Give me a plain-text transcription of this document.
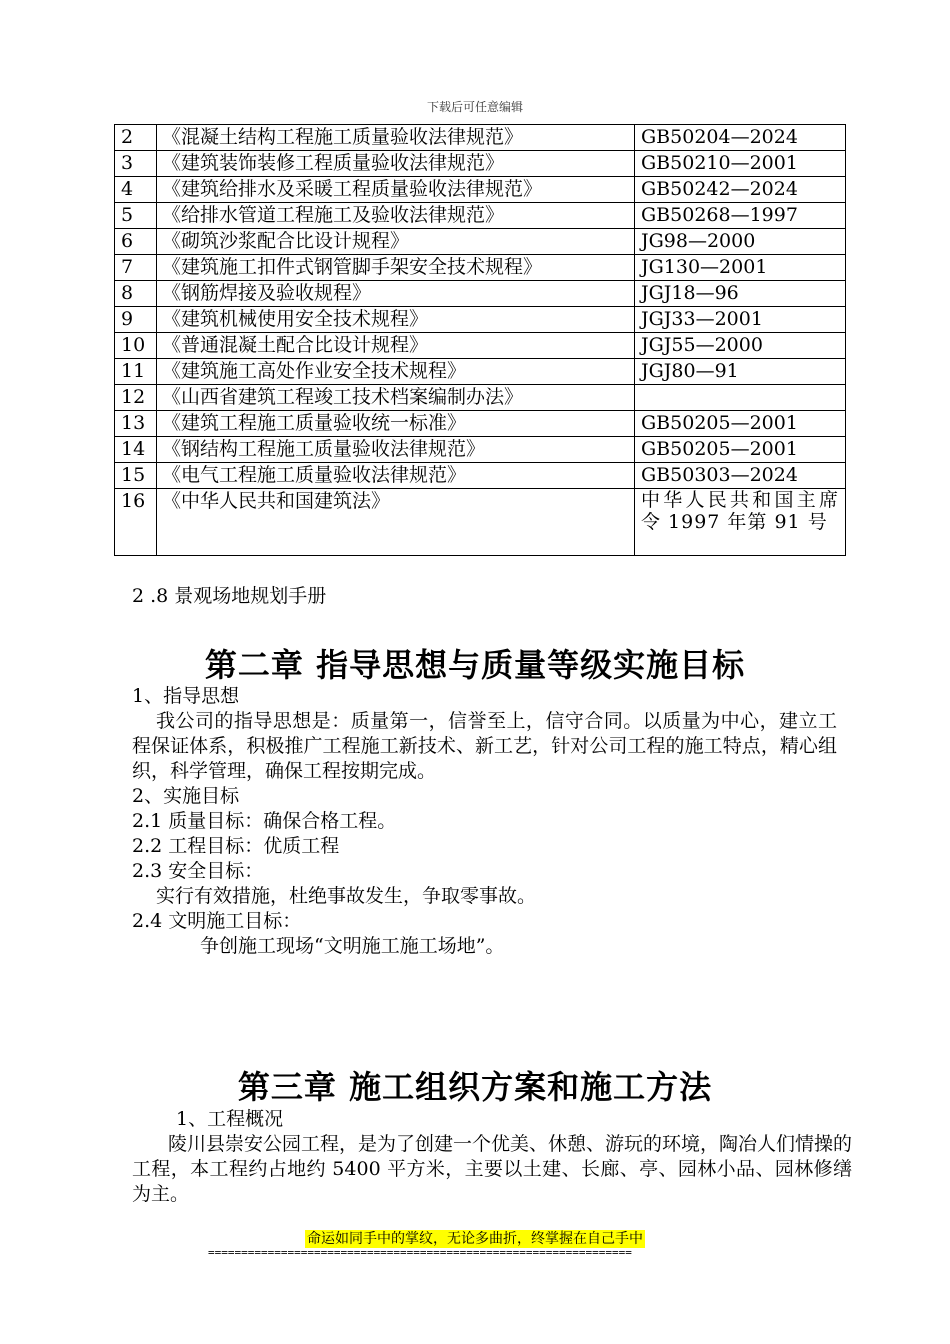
下载后可任意编辑
2	《混凝土结构工程施工质量验收法律规范》	GB50204—2024
3	《建筑装饰装修工程质量验收法律规范》	GB50210—2001
4	《建筑给排水及采暖工程质量验收法律规范》	GB50242—2024
5	《给排水管道工程施工及验收法律规范》	GB50268—1997
6	《砌筑沙浆配合比设计规程》	JG98—2000
7	《建筑施工扣件式钢管脚手架安全技术规程》	JG130—2001
8	《钢筋焊接及验收规程》	JGJ18—96
9	《建筑机械使用安全技术规程》	JGJ33—2001
10	《普通混凝土配合比设计规程》	JGJ55—2000
11	《建筑施工高处作业安全技术规程》	JGJ80—91
12	《山西省建筑工程竣工技术档案编制办法》	
13	《建筑工程施工质量验收统一标准》	GB50205—2001
14	《钢结构工程施工质量验收法律规范》	GB50205—2001
15	《电气工程施工质量验收法律规范》	GB50303—2024
16	《中华人民共和国建筑法》	中华人民共和国主席令 1997 年第 91 号
2 .8 景观场地规划手册
第二章 指导思想与质量等级实施目标

1、指导思想

我公司的指导思想是：质量第一，信誉至上，信守合同。以质量为中心，建立工程保证体系，积极推广工程施工新技术、新工艺，针对公司工程的施工特点，精心组织，科学管理，确保工程按期完成。

2、实施目标

2.1 质量目标：确保合格工程。

2.2 工程目标：优质工程

2.3 安全目标：

实行有效措施，杜绝事故发生，争取零事故。

2.4 文明施工目标：

争创施工现场“文明施工施工场地”。

第三章 施工组织方案和施工方法

1、工程概况

陵川县崇安公园工程，是为了创建一个优美、休憩、游玩的环境，陶冶人们情操的工程，本工程约占地约 5400 平方米，主要以土建、长廊、亭、园林小品、园林修缮为主。

命运如同手中的掌纹，无论多曲折，终掌握在自己手中
================================================================
